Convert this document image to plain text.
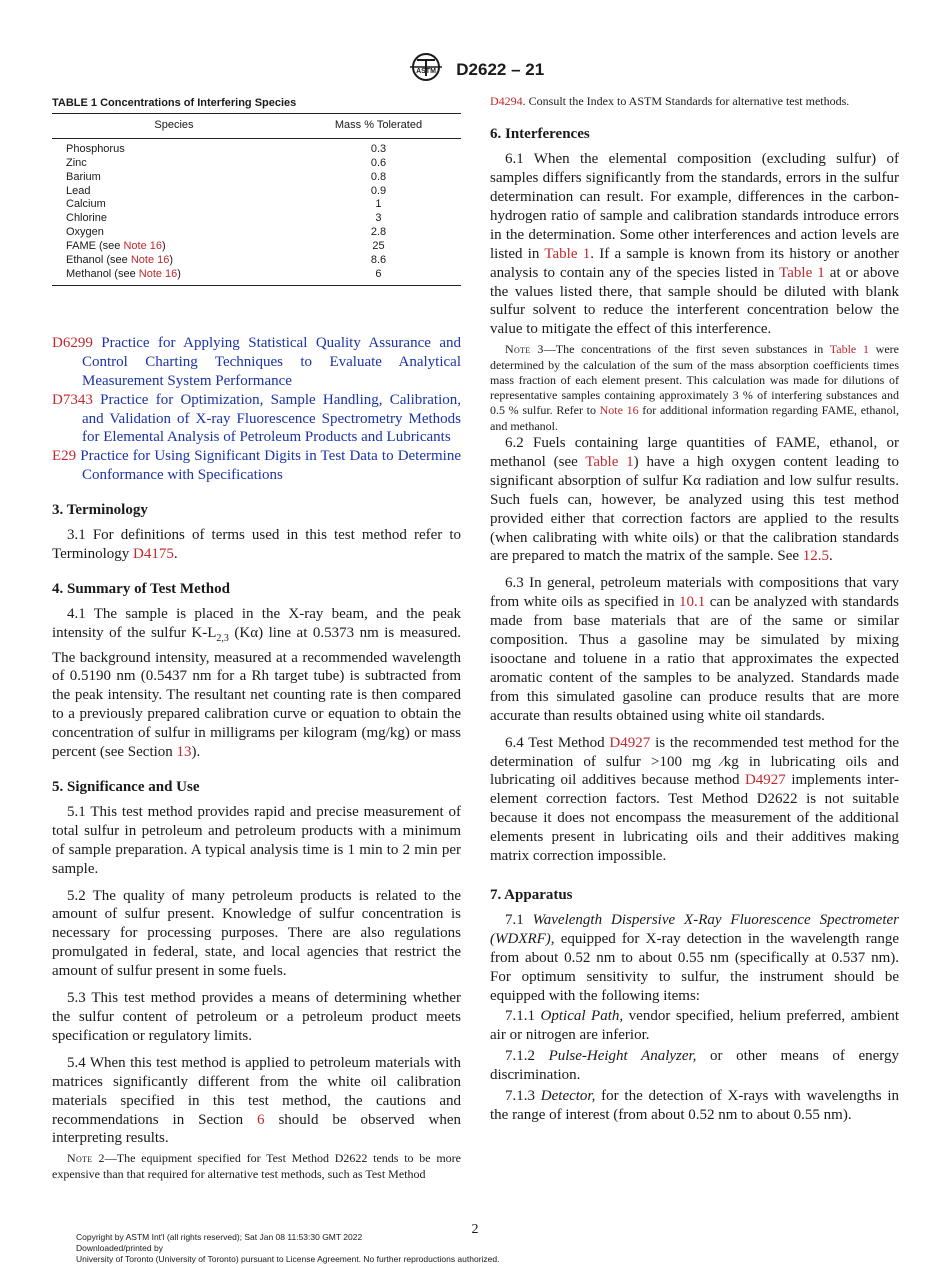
ASTM D2622 – 21

TABLE 1 Concentrations of Interfering Species

Species	Mass % Tolerated
Phosphorus	0.3
Zinc	0.6
Barium	0.8
Lead	0.9
Calcium	1
Chlorine	3
Oxygen	2.8
FAME (see Note 16)	25
Ethanol (see Note 16)	8.6
Methanol (see Note 16)	6

D6299 Practice for Applying Statistical Quality Assurance and Control Charting Techniques to Evaluate Analytical Measurement System Performance

D7343 Practice for Optimization, Sample Handling, Calibration, and Validation of X-ray Fluorescence Spectrometry Methods for Elemental Analysis of Petroleum Products and Lubricants

E29 Practice for Using Significant Digits in Test Data to Determine Conformance with Specifications

3. Terminology

3.1 For definitions of terms used in this test method refer to Terminology D4175.

4. Summary of Test Method

4.1 The sample is placed in the X-ray beam, and the peak intensity of the sulfur $K-L_{2,3}$ (Kα) line at 0.5373 nm is measured. The background intensity, measured at a recommended wavelength of 0.5190 nm (0.5437 nm for a Rh target tube) is subtracted from the peak intensity. The resultant net counting rate is then compared to a previously prepared calibration curve or equation to obtain the concentration of sulfur in milligrams per kilogram (mg/kg) or mass percent (see Section 13).

5. Significance and Use

5.1 This test method provides rapid and precise measurement of total sulfur in petroleum and petroleum products with a minimum of sample preparation. A typical analysis time is 1 min to 2 min per sample.

5.2 The quality of many petroleum products is related to the amount of sulfur present. Knowledge of sulfur concentration is necessary for processing purposes. There are also regulations promulgated in federal, state, and local agencies that restrict the amount of sulfur present in some fuels.

5.3 This test method provides a means of determining whether the sulfur content of petroleum or a petroleum product meets specification or regulatory limits.

5.4 When this test method is applied to petroleum materials with matrices significantly different from the white oil calibration materials specified in this test method, the cautions and recommendations in Section 6 should be observed when interpreting results.

Note 2—The equipment specified for Test Method D2622 tends to be more expensive than that required for alternative test methods, such as Test Method

D4294. Consult the Index to ASTM Standards for alternative test methods.

6. Interferences

6.1 When the elemental composition (excluding sulfur) of samples differs significantly from the standards, errors in the sulfur determination can result. For example, differences in the carbon-hydrogen ratio of sample and calibration standards introduce errors in the determination. Some other interferences and action levels are listed in Table 1. If a sample is known from its history or another analysis to contain any of the species listed in Table 1 at or above the values listed there, that sample should be diluted with blank sulfur solvent to reduce the interferent concentration below the value to mitigate the effect of this interference.

Note 3—The concentrations of the first seven substances in Table 1 were determined by the calculation of the sum of the mass absorption coefficients times mass fraction of each element present. This calculation was made for dilutions of representative samples containing approximately 3 % of interfering substances and 0.5 % sulfur. Refer to Note 16 for additional information regarding FAME, ethanol, and methanol.

6.2 Fuels containing large quantities of FAME, ethanol, or methanol (see Table 1) have a high oxygen content leading to significant absorption of sulfur Kα radiation and low sulfur results. Such fuels can, however, be analyzed using this test method provided either that correction factors are applied to the results (when calibrating with white oils) or that the calibration standards are prepared to match the matrix of the sample. See 12.5.

6.3 In general, petroleum materials with compositions that vary from white oils as specified in 10.1 can be analyzed with standards made from base materials that are of the same or similar composition. Thus a gasoline may be simulated by mixing isooctane and toluene in a ratio that approximates the expected aromatic content of the samples to be analyzed. Standards made from this simulated gasoline can produce results that are more accurate than results obtained using white oil standards.

6.4 Test Method D4927 is the recommended test method for the determination of sulfur >100 mg ⁄kg in lubricating oils and lubricating oil additives because method D4927 implements inter-element correction factors. Test Method D2622 is not suitable because it does not encompass the measurement of the additional elements present in lubricating oils and their additives making matrix correction impossible.

7. Apparatus

7.1 Wavelength Dispersive X-Ray Fluorescence Spectrometer (WDXRF), equipped for X-ray detection in the wavelength range from about 0.52 nm to about 0.55 nm (specifically at 0.537 nm). For optimum sensitivity to sulfur, the instrument should be equipped with the following items:

7.1.1 Optical Path, vendor specified, helium preferred, ambient air or nitrogen are inferior.

7.1.2 Pulse-Height Analyzer, or other means of energy discrimination.

7.1.3 Detector, for the detection of X-rays with wavelengths in the range of interest (from about 0.52 nm to about 0.55 nm).

2
Copyright by ASTM Int'l (all rights reserved); Sat Jan 08 11:53:30 GMT 2022
Downloaded/printed by
University of Toronto (University of Toronto) pursuant to License Agreement. No further reproductions authorized.
